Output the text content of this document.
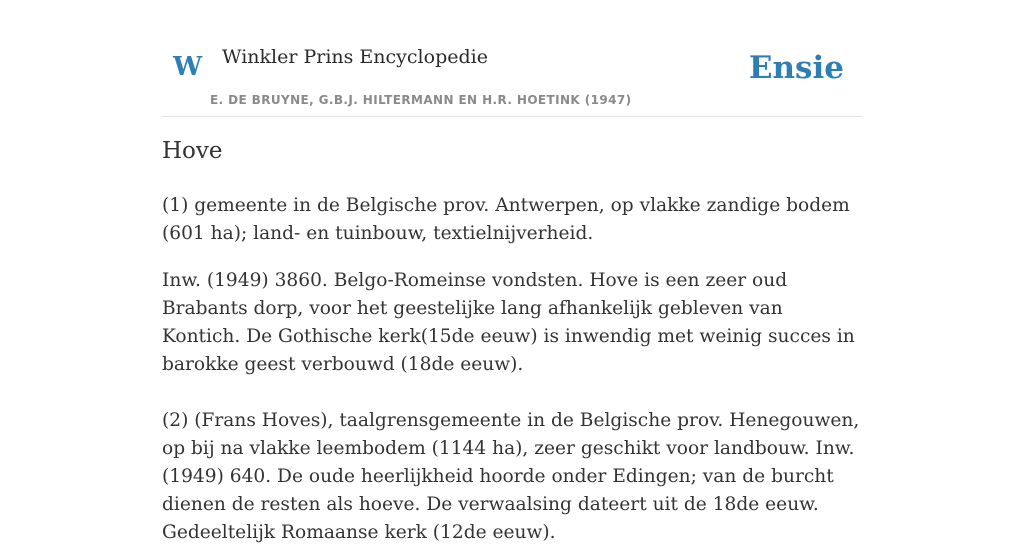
W Winkler Prins Encyclopedie
E. DE BRUYNE, G.B.J. HILTERMANN EN H.R. HOETINK (1947)
Ensie
Hove

(1) gemeente in de Belgische prov. Antwerpen, op vlakke zandige bodem (601 ha); land- en tuinbouw, textielnijverheid.

Inw. (1949) 3860. Belgo-Romeinse vondsten. Hove is een zeer oud Brabants dorp, voor het geestelijke lang afhankelijk gebleven van Kontich. De Gothische kerk(15de eeuw) is inwendig met weinig succes in barokke geest verbouwd (18de eeuw).

(2) (Frans Hoves), taalgrensgemeente in de Belgische prov. Henegouwen, op bij na vlakke leembodem (1144 ha), zeer geschikt voor landbouw. Inw. (1949) 640. De oude heerlijkheid hoorde onder Edingen; van de burcht dienen de resten als hoeve. De verwaalsing dateert uit de 18de eeuw. Gedeeltelijk Romaanse kerk (12de eeuw).
